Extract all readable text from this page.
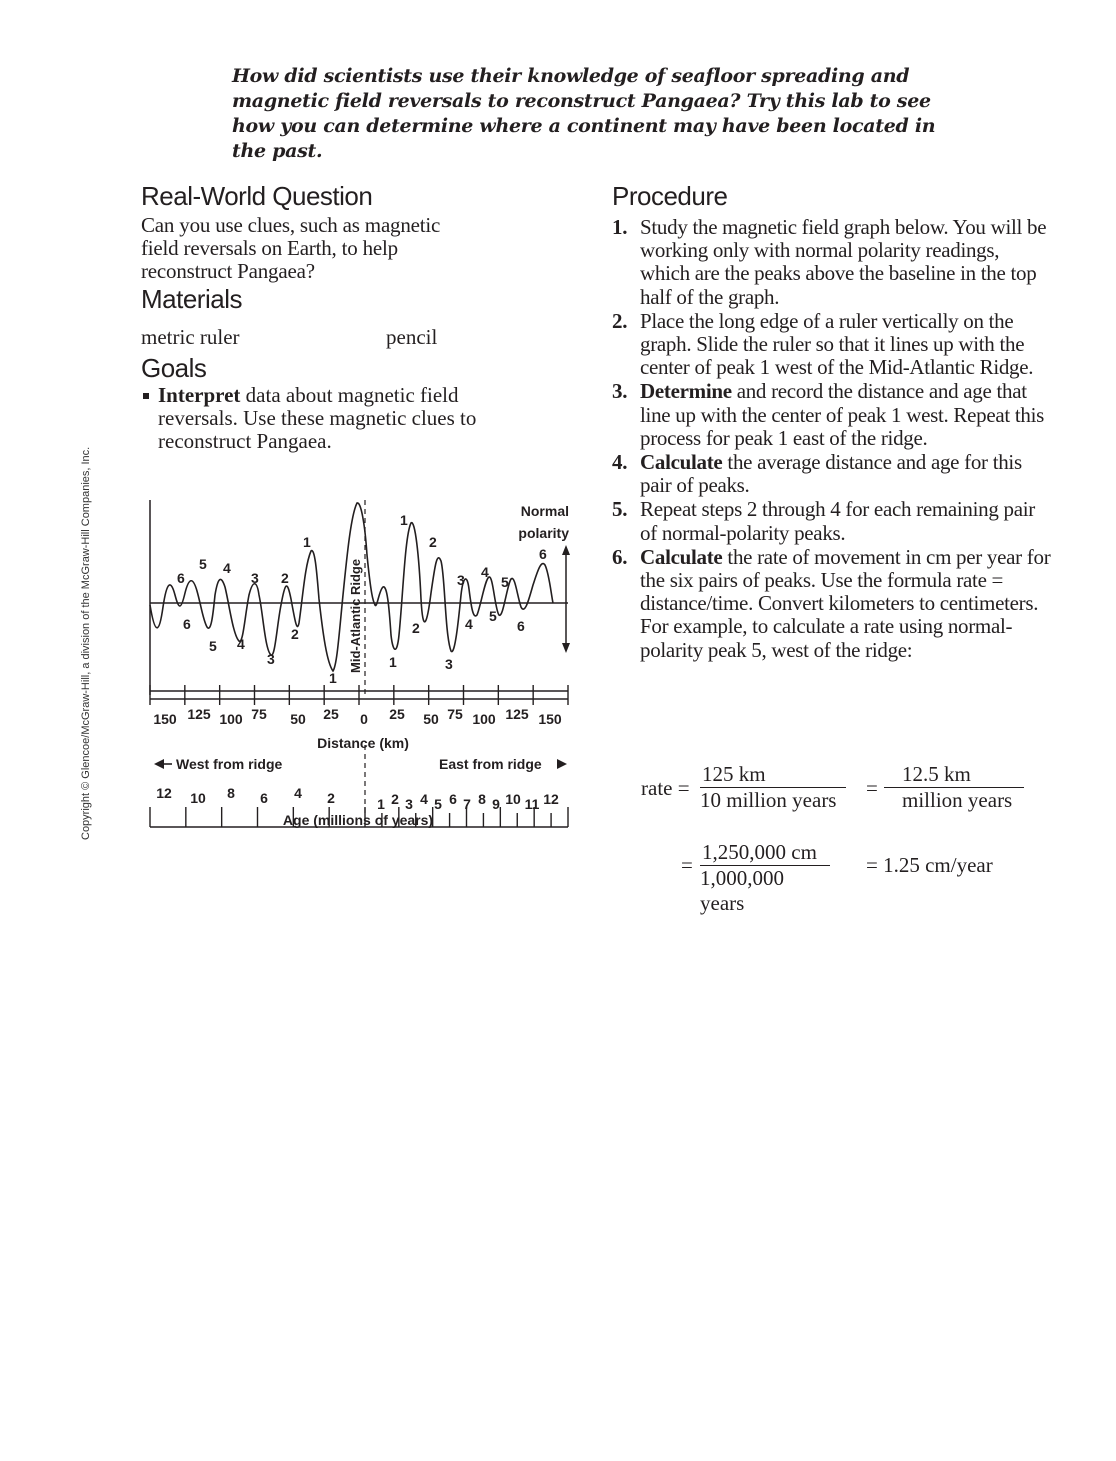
How did scientists use their knowledge of seafloor spreading and magnetic field reversals to reconstruct Pangaea? Try this lab to see how you can determine where a continent may have been located in the past.
Copyright © Glencoe/McGraw-Hill, a division of the McGraw-Hill Companies, Inc.
Real-World Question

Can you use clues, such as magnetic field reversals on Earth, to help reconstruct Pangaea?

Materials
metric ruler	pencil
Goals
Interpret data about magnetic field reversals. Use these magnetic clues to reconstruct Pangaea.
Mid-Atlantic Ridge
Normal
polarity
6
5 4
3 2
1
1
2
3 4
5
6
6
5 4
3
2
1
1
2
3
4 5
6
150 125 100 75 50 25 0 25 50 75 100 125 150
Distance (km)
West from ridge	East from ridge
12 10 8 6 4 2	1 2 3 4 5 6 7 8 9 10 11 12
Age (millions of years)
Procedure
1. Study the magnetic field graph below. You will be working only with normal polarity readings, which are the peaks above the baseline in the top half of the graph.
2. Place the long edge of a ruler vertically on the graph. Slide the ruler so that it lines up with the center of peak 1 west of the Mid-Atlantic Ridge.
3. Determine and record the distance and age that line up with the center of peak 1 west. Repeat this process for peak 1 east of the ridge.
4. Calculate the average distance and age for this pair of peaks.
5. Repeat steps 2 through 4 for each remaining pair of normal-polarity peaks.
6. Calculate the rate of movement in cm per year for the six pairs of peaks. Use the formula rate = distance/time. Convert kilometers to centimeters. For example, to calculate a rate using normal-polarity peak 5, west of the ridge:
rate =
125 km
10 million years	=
12.5 km
million years
=
1,250,000 cm
1,000,000 years
= 1.25 cm/year
